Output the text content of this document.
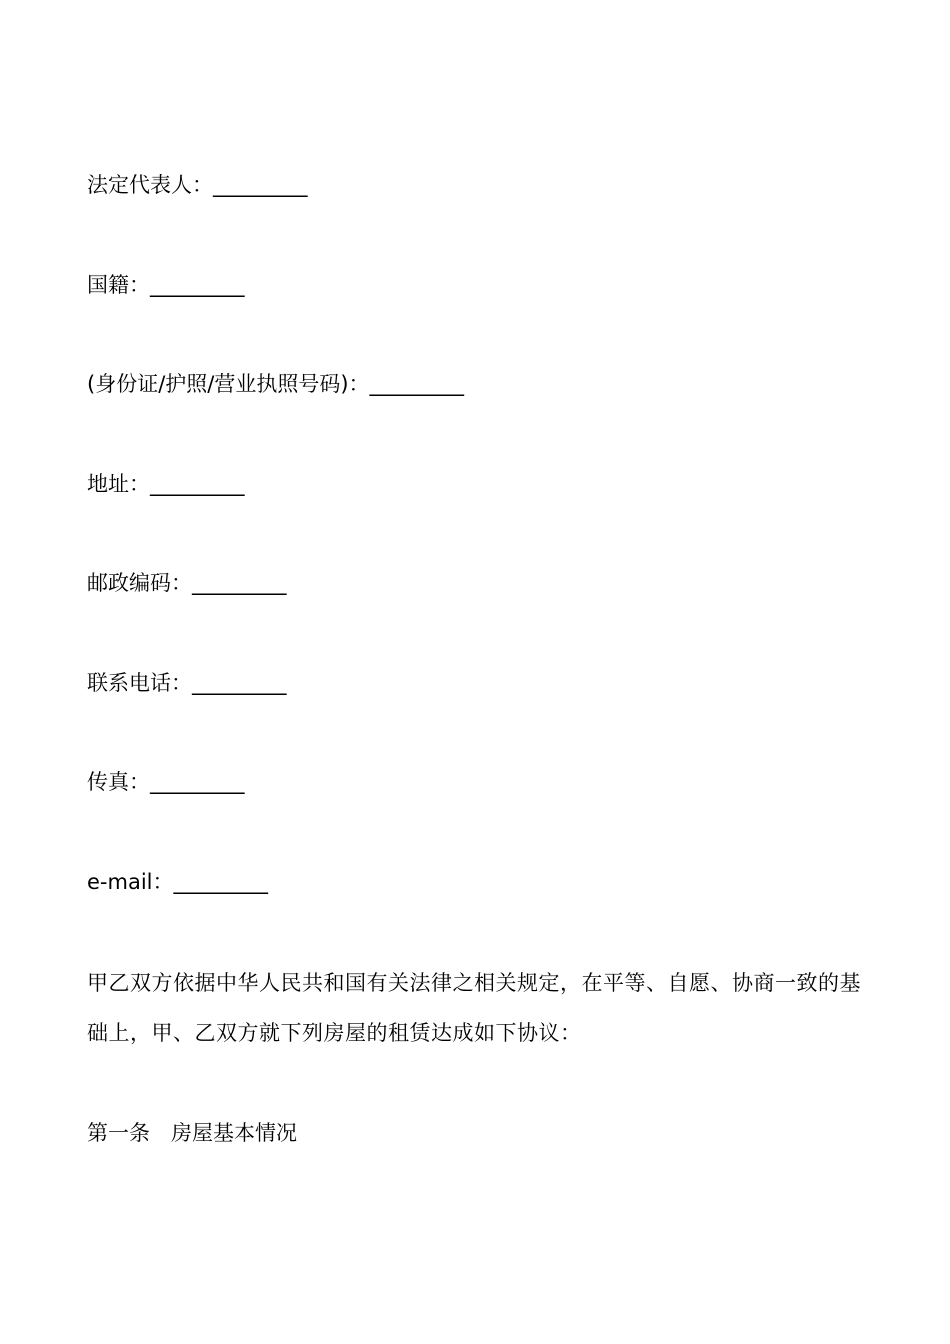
法定代表人：_________
国籍：_________
(身份证/护照/营业执照号码)：_________
地址：_________
邮政编码：_________
联系电话：_________
传真：_________
e-mail：_________
甲乙双方依据中华人民共和国有关法律之相关规定，在平等、自愿、协商一致的基础上，甲、乙双方就下列房屋的租赁达成如下协议：
第一条　房屋基本情况
